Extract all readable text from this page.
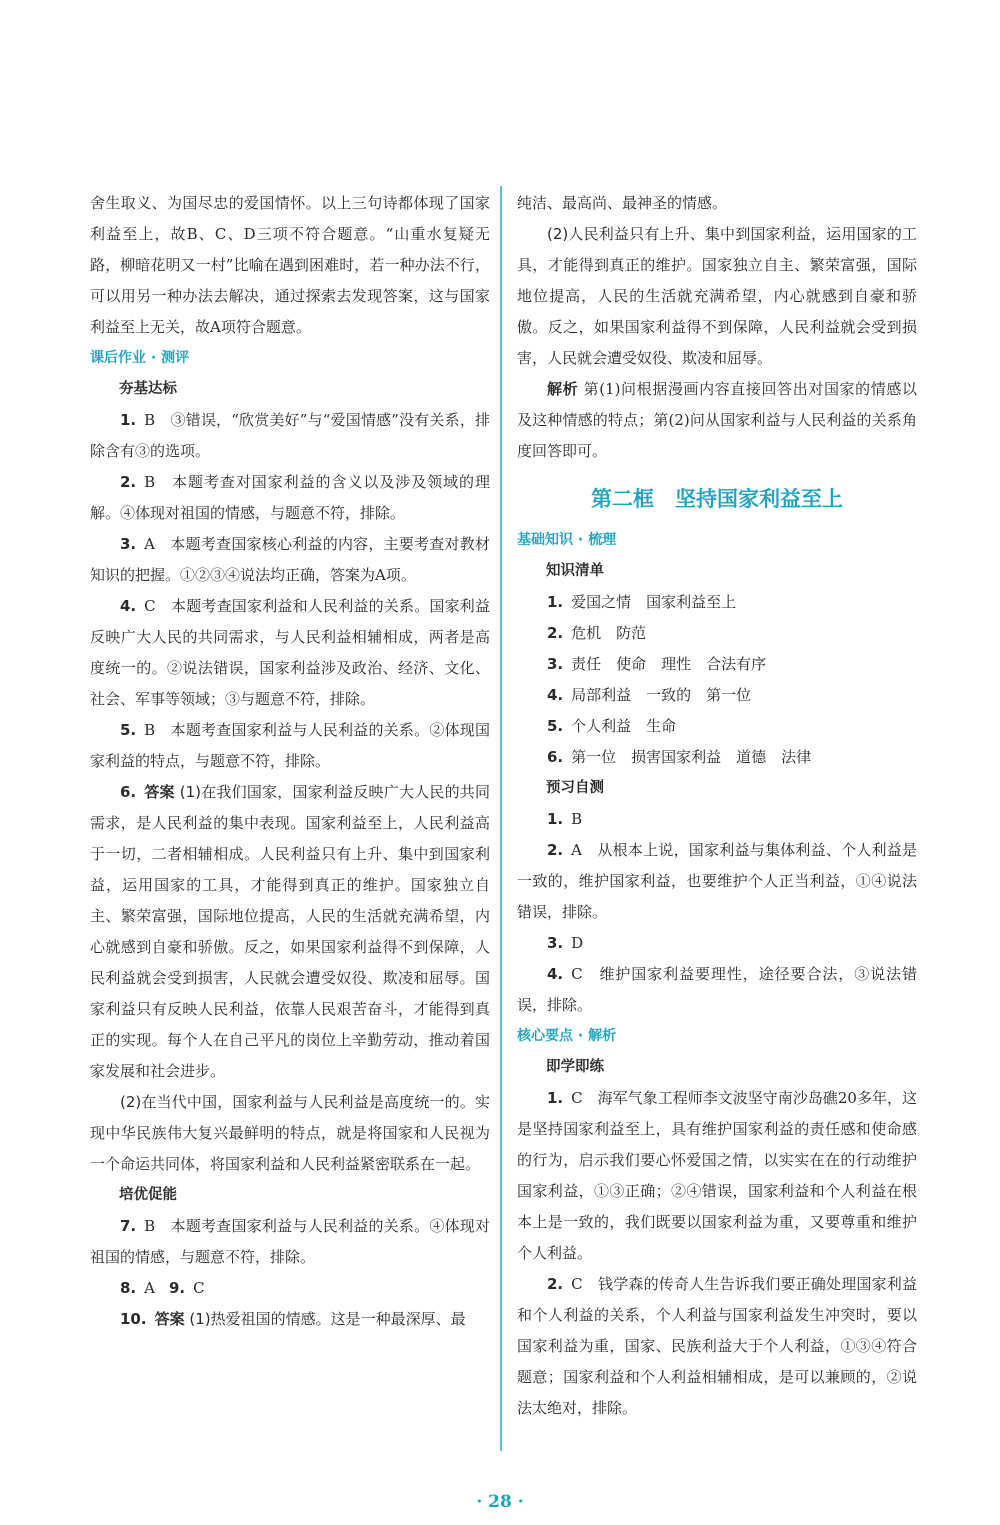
舍生取义、为国尽忠的爱国情怀。以上三句诗都体现了国家利益至上，故B、C、D三项不符合题意。“山重水复疑无路，柳暗花明又一村”比喻在遇到困难时，若一种办法不行，可以用另一种办法去解决，通过探索去发现答案，这与国家利益至上无关，故A项符合题意。

课后作业 · 测评
夯基达标

1. B　③错误，“欣赏美好”与“爱国情感”没有关系，排除含有③的选项。

2. B　本题考查对国家利益的含义以及涉及领域的理解。④体现对祖国的情感，与题意不符，排除。

3. A　本题考查国家核心利益的内容，主要考查对教材知识的把握。①②③④说法均正确，答案为A项。

4. C　本题考查国家利益和人民利益的关系。国家利益反映广大人民的共同需求，与人民利益相辅相成，两者是高度统一的。②说法错误，国家利益涉及政治、经济、文化、社会、军事等领域；③与题意不符，排除。

5. B　本题考查国家利益与人民利益的关系。②体现国家利益的特点，与题意不符，排除。

6. 答案 (1)在我们国家，国家利益反映广大人民的共同需求，是人民利益的集中表现。国家利益至上，人民利益高于一切，二者相辅相成。人民利益只有上升、集中到国家利益，运用国家的工具，才能得到真正的维护。国家独立自主、繁荣富强，国际地位提高，人民的生活就充满希望，内心就感到自豪和骄傲。反之，如果国家利益得不到保障，人民利益就会受到损害，人民就会遭受奴役、欺凌和屈辱。国家利益只有反映人民利益，依靠人民艰苦奋斗，才能得到真正的实现。每个人在自己平凡的岗位上辛勤劳动，推动着国家发展和社会进步。

(2)在当代中国，国家利益与人民利益是高度统一的。实现中华民族伟大复兴最鲜明的特点，就是将国家和人民视为一个命运共同体，将国家利益和人民利益紧密联系在一起。

培优促能

7. B　本题考查国家利益与人民利益的关系。④体现对祖国的情感，与题意不符，排除。

8. A 9. C

10. 答案 (1)热爱祖国的情感。这是一种最深厚、最

纯洁、最高尚、最神圣的情感。

(2)人民利益只有上升、集中到国家利益，运用国家的工具，才能得到真正的维护。国家独立自主、繁荣富强，国际地位提高，人民的生活就充满希望，内心就感到自豪和骄傲。反之，如果国家利益得不到保障，人民利益就会受到损害，人民就会遭受奴役、欺凌和屈辱。

解析 第(1)问根据漫画内容直接回答出对国家的情感以及这种情感的特点；第(2)问从国家利益与人民利益的关系角度回答即可。

第二框　坚持国家利益至上
基础知识 · 梳理
知识清单

1. 爱国之情　国家利益至上

2. 危机　防范

3. 责任　使命　理性　合法有序

4. 局部利益　一致的　第一位

5. 个人利益　生命

6. 第一位　损害国家利益　道德　法律

预习自测

1. B

2. A　从根本上说，国家利益与集体利益、个人利益是一致的，维护国家利益，也要维护个人正当利益，①④说法错误，排除。

3. D

4. C　维护国家利益要理性，途径要合法，③说法错误，排除。

核心要点 · 解析
即学即练

1. C　海军气象工程师李文波坚守南沙岛礁20多年，这是坚持国家利益至上，具有维护国家利益的责任感和使命感的行为，启示我们要心怀爱国之情，以实实在在的行动维护国家利益，①③正确；②④错误，国家利益和个人利益在根本上是一致的，我们既要以国家利益为重，又要尊重和维护个人利益。

2. C　钱学森的传奇人生告诉我们要正确处理国家利益和个人利益的关系，个人利益与国家利益发生冲突时，要以国家利益为重，国家、民族利益大于个人利益，①③④符合题意；国家利益和个人利益相辅相成，是可以兼顾的，②说法太绝对，排除。

· 28 ·
